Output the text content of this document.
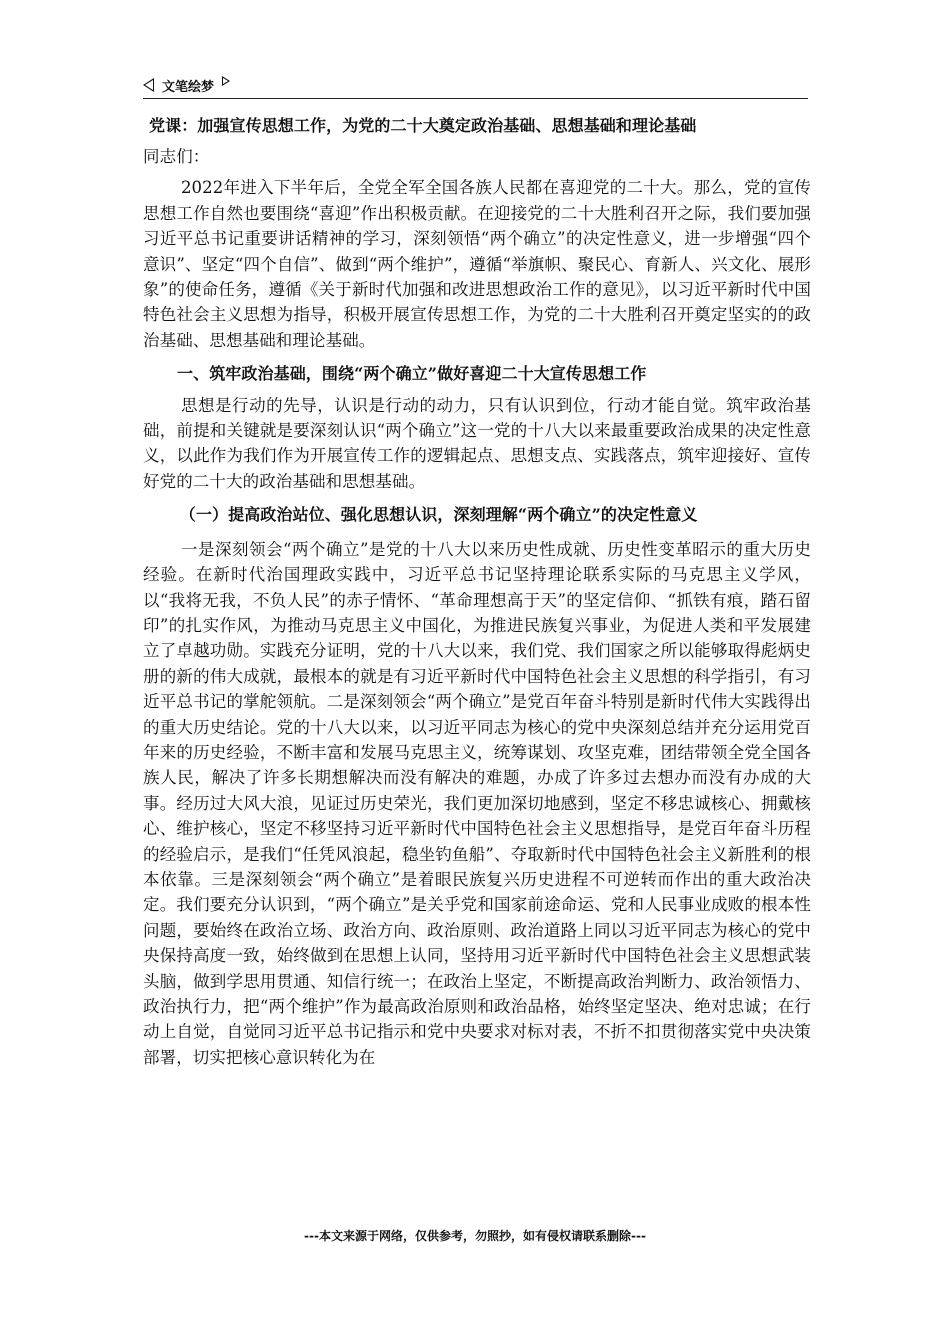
文笔绘梦
党课：加强宣传思想工作，为党的二十大奠定政治基础、思想基础和理论基础
同志们：

2022年进入下半年后，全党全军全国各族人民都在喜迎党的二十大。那么，党的宣传思想工作自然也要围绕“喜迎”作出积极贡献。在迎接党的二十大胜利召开之际，我们要加强习近平总书记重要讲话精神的学习，深刻领悟“两个确立”的决定性意义，进一步增强“四个意识”、坚定“四个自信”、做到“两个维护”，遵循“举旗帜、聚民心、育新人、兴文化、展形象”的使命任务，遵循《关于新时代加强和改进思想政治工作的意见》，以习近平新时代中国特色社会主义思想为指导，积极开展宣传思想工作，为党的二十大胜利召开奠定坚实的的政治基础、思想基础和理论基础。

一、筑牢政治基础，围绕“两个确立”做好喜迎二十大宣传思想工作

思想是行动的先导，认识是行动的动力，只有认识到位，行动才能自觉。筑牢政治基础，前提和关键就是要深刻认识“两个确立”这一党的十八大以来最重要政治成果的决定性意义，以此作为我们作为开展宣传工作的逻辑起点、思想支点、实践落点，筑牢迎接好、宣传好党的二十大的政治基础和思想基础。

（一）提高政治站位、强化思想认识，深刻理解“两个确立”的决定性意义

一是深刻领会“两个确立”是党的十八大以来历史性成就、历史性变革昭示的重大历史经验。在新时代治国理政实践中，习近平总书记坚持理论联系实际的马克思主义学风，以“我将无我，不负人民”的赤子情怀、“革命理想高于天”的坚定信仰、“抓铁有痕，踏石留印”的扎实作风，为推动马克思主义中国化，为推进民族复兴事业，为促进人类和平发展建立了卓越功勋。实践充分证明，党的十八大以来，我们党、我们国家之所以能够取得彪炳史册的新的伟大成就，最根本的就是有习近平新时代中国特色社会主义思想的科学指引，有习近平总书记的掌舵领航。二是深刻领会“两个确立”是党百年奋斗特别是新时代伟大实践得出的重大历史结论。党的十八大以来，以习近平同志为核心的党中央深刻总结并充分运用党百年来的历史经验，不断丰富和发展马克思主义，统筹谋划、攻坚克难，团结带领全党全国各族人民，解决了许多长期想解决而没有解决的难题，办成了许多过去想办而没有办成的大事。经历过大风大浪，见证过历史荣光，我们更加深切地感到，坚定不移忠诚核心、拥戴核心、维护核心，坚定不移坚持习近平新时代中国特色社会主义思想指导，是党百年奋斗历程的经验启示，是我们“任凭风浪起，稳坐钓鱼船”、夺取新时代中国特色社会主义新胜利的根本依靠。三是深刻领会“两个确立”是着眼民族复兴历史进程不可逆转而作出的重大政治决定。我们要充分认识到，“两个确立”是关乎党和国家前途命运、党和人民事业成败的根本性问题，要始终在政治立场、政治方向、政治原则、政治道路上同以习近平同志为核心的党中央保持高度一致，始终做到在思想上认同，坚持用习近平新时代中国特色社会主义思想武装头脑，做到学思用贯通、知信行统一；在政治上坚定，不断提高政治判断力、政治领悟力、政治执行力，把“两个维护”作为最高政治原则和政治品格，始终坚定坚决、绝对忠诚；在行动上自觉，自觉同习近平总书记指示和党中央要求对标对表，不折不扣贯彻落实党中央决策部署，切实把核心意识转化为在

---本文来源于网络，仅供参考，勿照抄，如有侵权请联系删除---
